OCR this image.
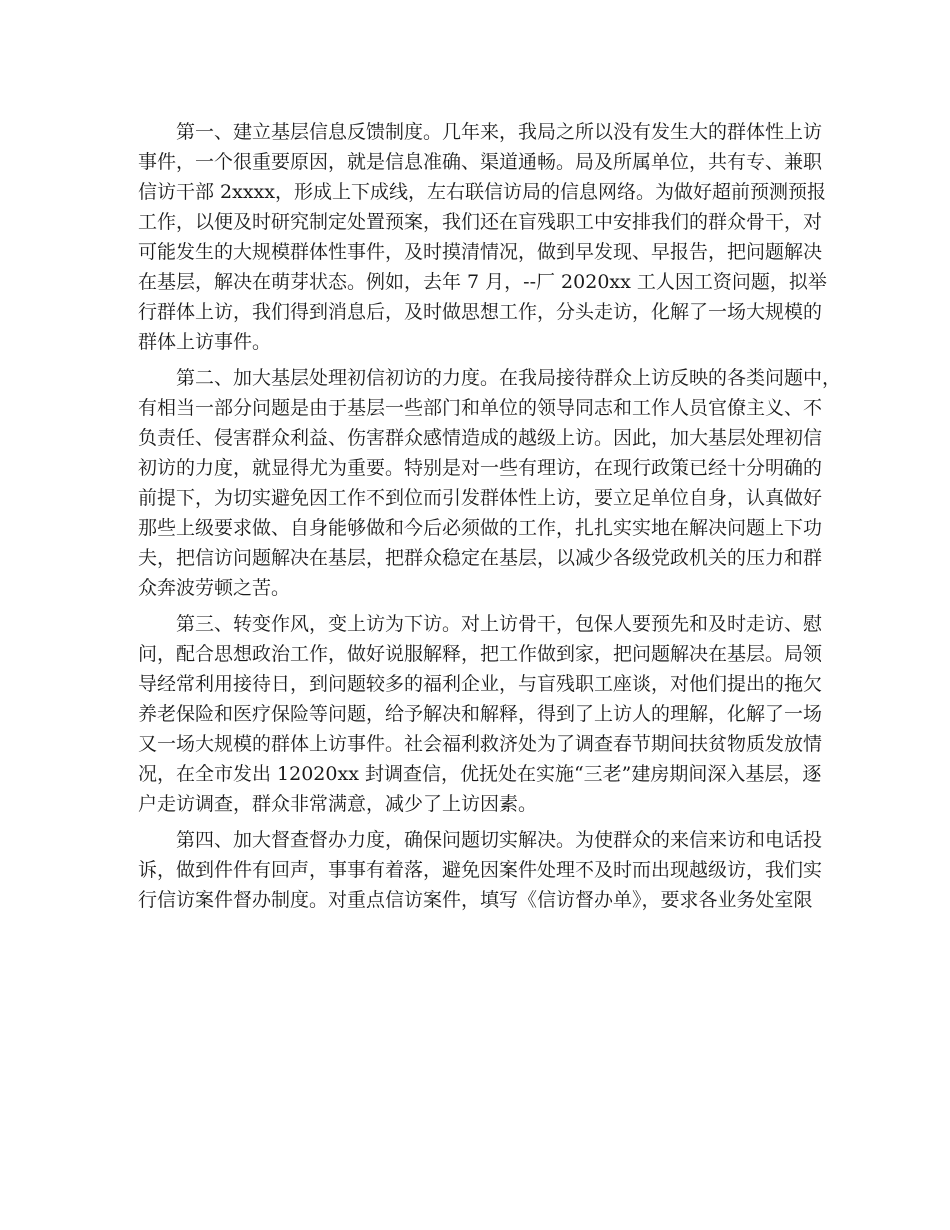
第一、建立基层信息反馈制度。几年来，我局之所以没有发生大的群体性上访
事件，一个很重要原因，就是信息准确、渠道通畅。局及所属单位，共有专、兼职
信访干部 2xxxx，形成上下成线，左右联信访局的信息网络。为做好超前预测预报
工作，以便及时研究制定处置预案，我们还在盲残职工中安排我们的群众骨干，对
可能发生的大规模群体性事件，及时摸清情况，做到早发现、早报告，把问题解决
在基层，解决在萌芽状态。例如，去年 7 月，--厂 2020xx 工人因工资问题，拟举
行群体上访，我们得到消息后，及时做思想工作，分头走访，化解了一场大规模的
群体上访事件。
第二、加大基层处理初信初访的力度。在我局接待群众上访反映的各类问题中，
有相当一部分问题是由于基层一些部门和单位的领导同志和工作人员官僚主义、不
负责任、侵害群众利益、伤害群众感情造成的越级上访。因此，加大基层处理初信
初访的力度，就显得尤为重要。特别是对一些有理访，在现行政策已经十分明确的
前提下，为切实避免因工作不到位而引发群体性上访，要立足单位自身，认真做好
那些上级要求做、自身能够做和今后必须做的工作，扎扎实实地在解决问题上下功
夫，把信访问题解决在基层，把群众稳定在基层，以减少各级党政机关的压力和群
众奔波劳顿之苦。
第三、转变作风，变上访为下访。对上访骨干，包保人要预先和及时走访、慰
问，配合思想政治工作，做好说服解释，把工作做到家，把问题解决在基层。局领
导经常利用接待日，到问题较多的福利企业，与盲残职工座谈，对他们提出的拖欠
养老保险和医疗保险等问题，给予解决和解释，得到了上访人的理解，化解了一场
又一场大规模的群体上访事件。社会福利救济处为了调查春节期间扶贫物质发放情
况，在全市发出 12020xx 封调查信，优抚处在实施“三老”建房期间深入基层，逐
户走访调查，群众非常满意，减少了上访因素。
第四、加大督查督办力度，确保问题切实解决。为使群众的来信来访和电话投
诉，做到件件有回声，事事有着落，避免因案件处理不及时而出现越级访，我们实
行信访案件督办制度。对重点信访案件，填写《信访督办单》，要求各业务处室限
